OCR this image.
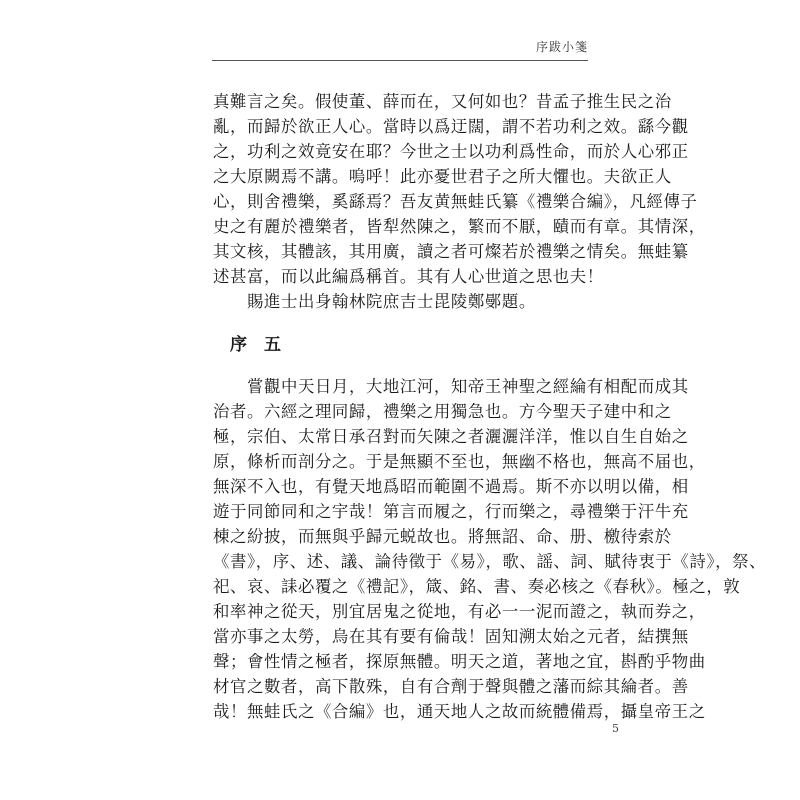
序跋小箋
真難言之矣。假使董、薛而在，又何如也？昔孟子推生民之治
亂，而歸於欲正人心。當時以爲迂闊，謂不若功利之效。繇今觀
之，功利之效竟安在耶？今世之士以功利爲性命，而於人心邪正
之大原闕焉不講。嗚呼！此亦憂世君子之所大懼也。夫欲正人
心，則舍禮樂，奚繇焉？吾友黄無蛙氏纂《禮樂合編》，凡經傳子
史之有麗於禮樂者，皆犁然陳之，繁而不厭，賾而有章。其情深，
其文核，其體該，其用廣，讀之者可燦若於禮樂之情矣。無蛙纂
述甚富，而以此編爲稱首。其有人心世道之思也夫！
賜進士出身翰林院庶吉士毘陵鄭鄤題。
序　五
嘗觀中天日月，大地江河，知帝王神聖之經綸有相配而成其
治者。六經之理同歸，禮樂之用獨急也。方今聖天子建中和之
極，宗伯、太常日承召對而矢陳之者灑灑洋洋，惟以自生自始之
原，條析而剖分之。于是無顯不至也，無幽不格也，無高不届也，
無深不入也，有覺天地爲昭而範圍不過焉。斯不亦以明以備，相
遊于同節同和之宇哉！第言而履之，行而樂之，尋禮樂于汗牛充
棟之紛披，而無與乎歸元蜕故也。將無詔、命、册、檄待索於
《書》，序、述、議、論待徵于《易》，歌、謡、詞、賦待衷于《詩》，祭、
祀、哀、誄必覆之《禮記》，箴、銘、書、奏必核之《春秋》。極之，敦
和率神之從天，別宜居鬼之從地，有必一一泥而證之，執而券之，
當亦事之太勞，烏在其有要有倫哉！固知溯太始之元者，結撰無
聲；會性情之極者，探原無體。明天之道，著地之宜，斟酌乎物曲
材官之數者，高下散殊，自有合劑于聲與體之藩而綜其綸者。善
哉！無蛙氏之《合編》也，通天地人之故而統體備焉，攝皇帝王之
5
